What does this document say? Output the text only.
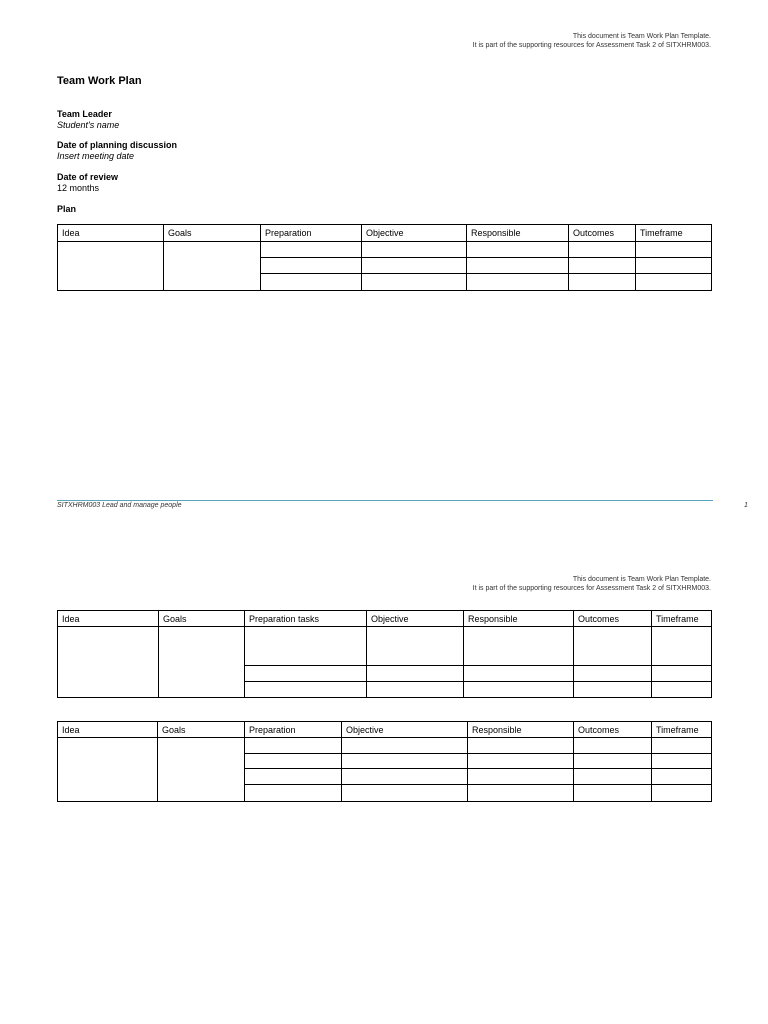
This document is Team Work Plan Template.
It is part of the supporting resources for Assessment Task 2 of SITXHRM003.
Team Work Plan
Team Leader
Student's name
Date of planning discussion
Insert meeting date
Date of review
12 months
Plan
Idea	Goals	Preparation	Objective	Responsible	Outcomes	Timeframe

SITXHRM003 Lead and manage people	1
This document is Team Work Plan Template.
It is part of the supporting resources for Assessment Task 2 of SITXHRM003.
Idea	Goals	Preparation tasks	Objective	Responsible	Outcomes	Timeframe

Idea	Goals	Preparation	Objective	Responsible	Outcomes	Timeframe
